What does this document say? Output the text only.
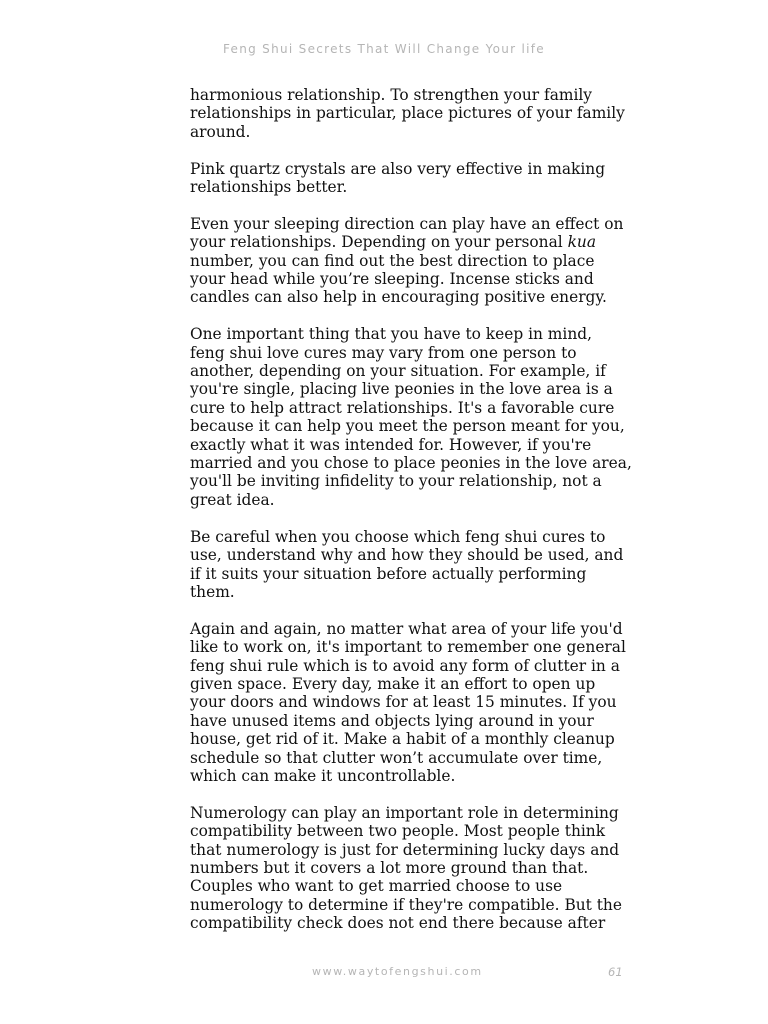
Feng Shui Secrets That Will Change Your life

harmonious relationship. To strengthen your family
relationships in particular, place pictures of your family
around.

Pink quartz crystals are also very effective in making
relationships better.

Even your sleeping direction can play have an effect on
your relationships. Depending on your personal kua
number, you can find out the best direction to place
your head while you’re sleeping. Incense sticks and
candles can also help in encouraging positive energy.

One important thing that you have to keep in mind,
feng shui love cures may vary from one person to
another, depending on your situation. For example, if
you're single, placing live peonies in the love area is a
cure to help attract relationships. It's a favorable cure
because it can help you meet the person meant for you,
exactly what it was intended for. However, if you're
married and you chose to place peonies in the love area,
you'll be inviting infidelity to your relationship, not a
great idea.

Be careful when you choose which feng shui cures to
use, understand why and how they should be used, and
if it suits your situation before actually performing
them.

Again and again, no matter what area of your life you'd
like to work on, it's important to remember one general
feng shui rule which is to avoid any form of clutter in a
given space. Every day, make it an effort to open up
your doors and windows for at least 15 minutes. If you
have unused items and objects lying around in your
house, get rid of it. Make a habit of a monthly cleanup
schedule so that clutter won’t accumulate over time,
which can make it uncontrollable.

Numerology can play an important role in determining
compatibility between two people. Most people think
that numerology is just for determining lucky days and
numbers but it covers a lot more ground than that.
Couples who want to get married choose to use
numerology to determine if they're compatible. But the
compatibility check does not end there because after

www.waytofengshui.com	61
